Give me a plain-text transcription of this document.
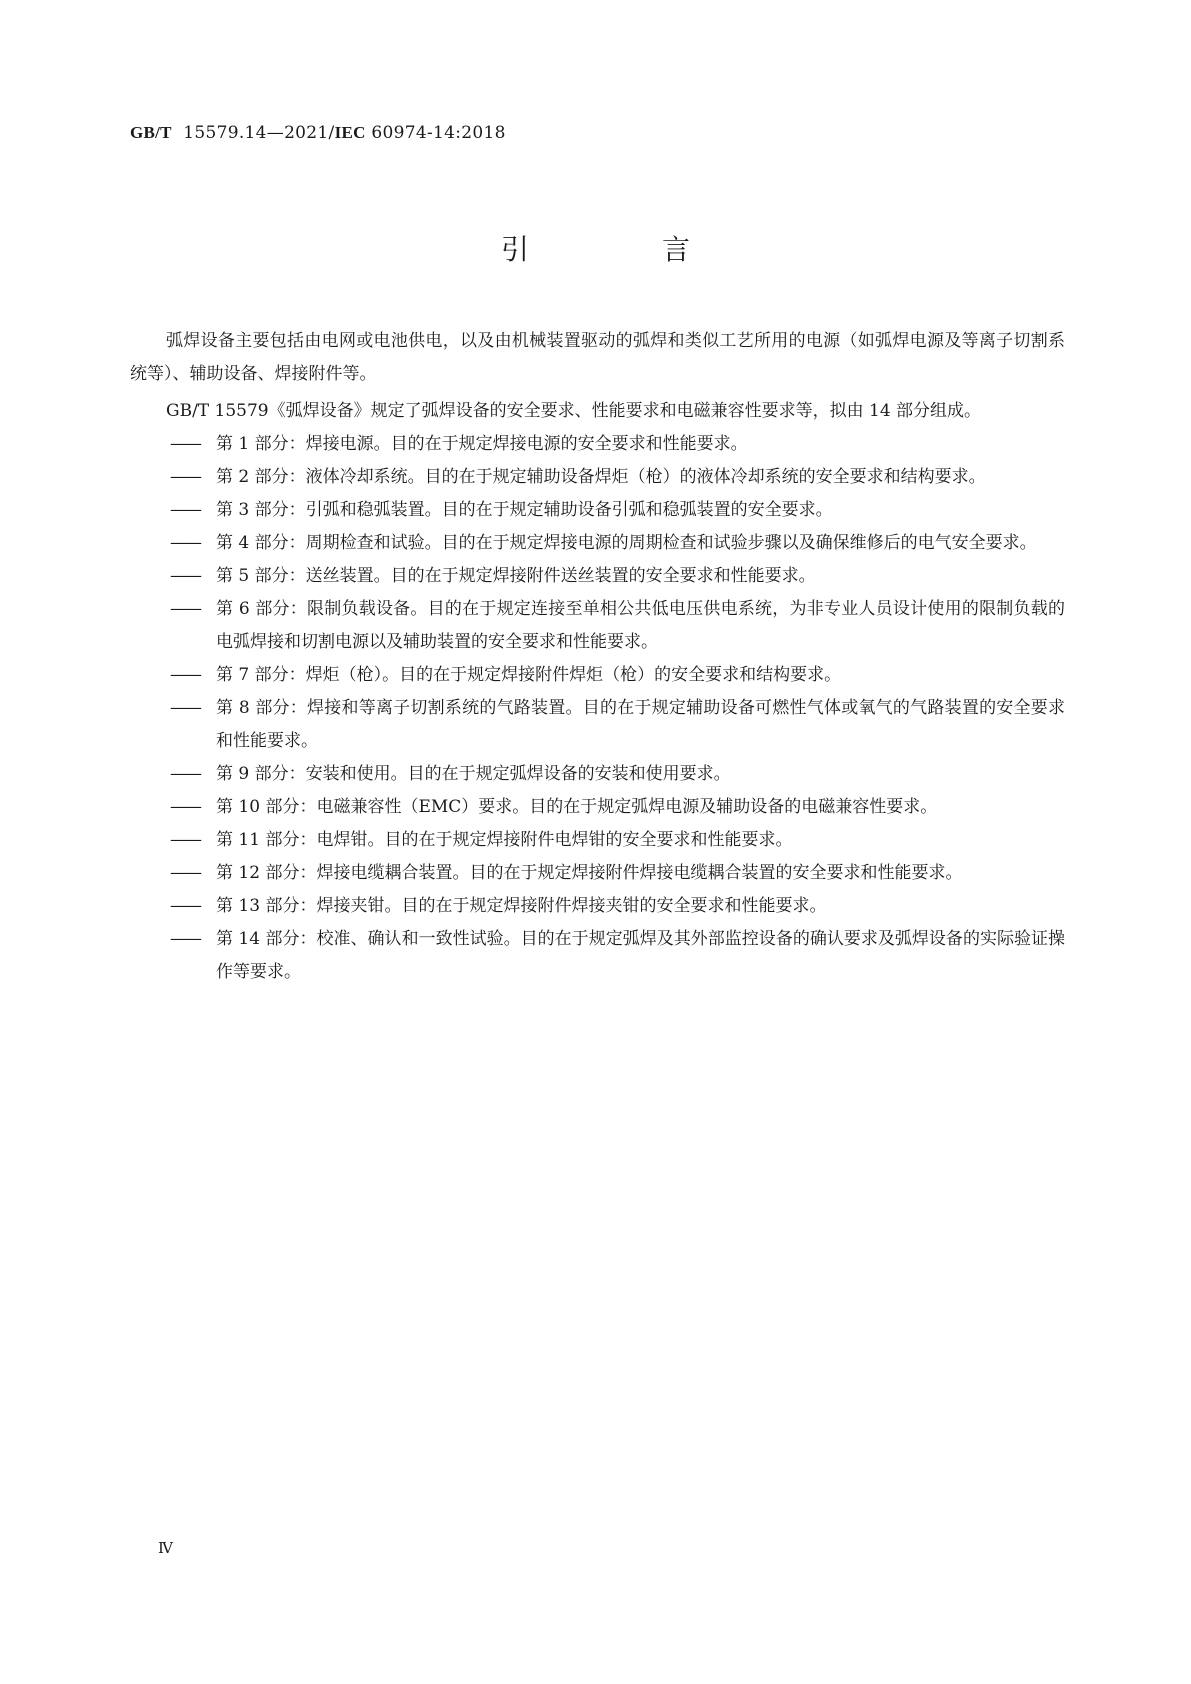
GB/T 15579.14—2021/IEC 60974-14:2018
引 言

弧焊设备主要包括由电网或电池供电，以及由机械装置驱动的弧焊和类似工艺所用的电源（如弧焊电源及等离子切割系统等）、辅助设备、焊接附件等。

GB/T 15579《弧焊设备》规定了弧焊设备的安全要求、性能要求和电磁兼容性要求等，拟由 14 部分组成。

—— 第 1 部分：焊接电源。目的在于规定焊接电源的安全要求和性能要求。
—— 第 2 部分：液体冷却系统。目的在于规定辅助设备焊炬（枪）的液体冷却系统的安全要求和结构要求。
—— 第 3 部分：引弧和稳弧装置。目的在于规定辅助设备引弧和稳弧装置的安全要求。
—— 第 4 部分：周期检查和试验。目的在于规定焊接电源的周期检查和试验步骤以及确保维修后的电气安全要求。
—— 第 5 部分：送丝装置。目的在于规定焊接附件送丝装置的安全要求和性能要求。
—— 第 6 部分：限制负载设备。目的在于规定连接至单相公共低电压供电系统，为非专业人员设计使用的限制负载的电弧焊接和切割电源以及辅助装置的安全要求和性能要求。
—— 第 7 部分：焊炬（枪）。目的在于规定焊接附件焊炬（枪）的安全要求和结构要求。
—— 第 8 部分：焊接和等离子切割系统的气路装置。目的在于规定辅助设备可燃性气体或氧气的气路装置的安全要求和性能要求。
—— 第 9 部分：安装和使用。目的在于规定弧焊设备的安装和使用要求。
—— 第 10 部分：电磁兼容性（EMC）要求。目的在于规定弧焊电源及辅助设备的电磁兼容性要求。
—— 第 11 部分：电焊钳。目的在于规定焊接附件电焊钳的安全要求和性能要求。
—— 第 12 部分：焊接电缆耦合装置。目的在于规定焊接附件焊接电缆耦合装置的安全要求和性能要求。
—— 第 13 部分：焊接夹钳。目的在于规定焊接附件焊接夹钳的安全要求和性能要求。
—— 第 14 部分：校准、确认和一致性试验。目的在于规定弧焊及其外部监控设备的确认要求及弧焊设备的实际验证操作等要求。
Ⅳ
